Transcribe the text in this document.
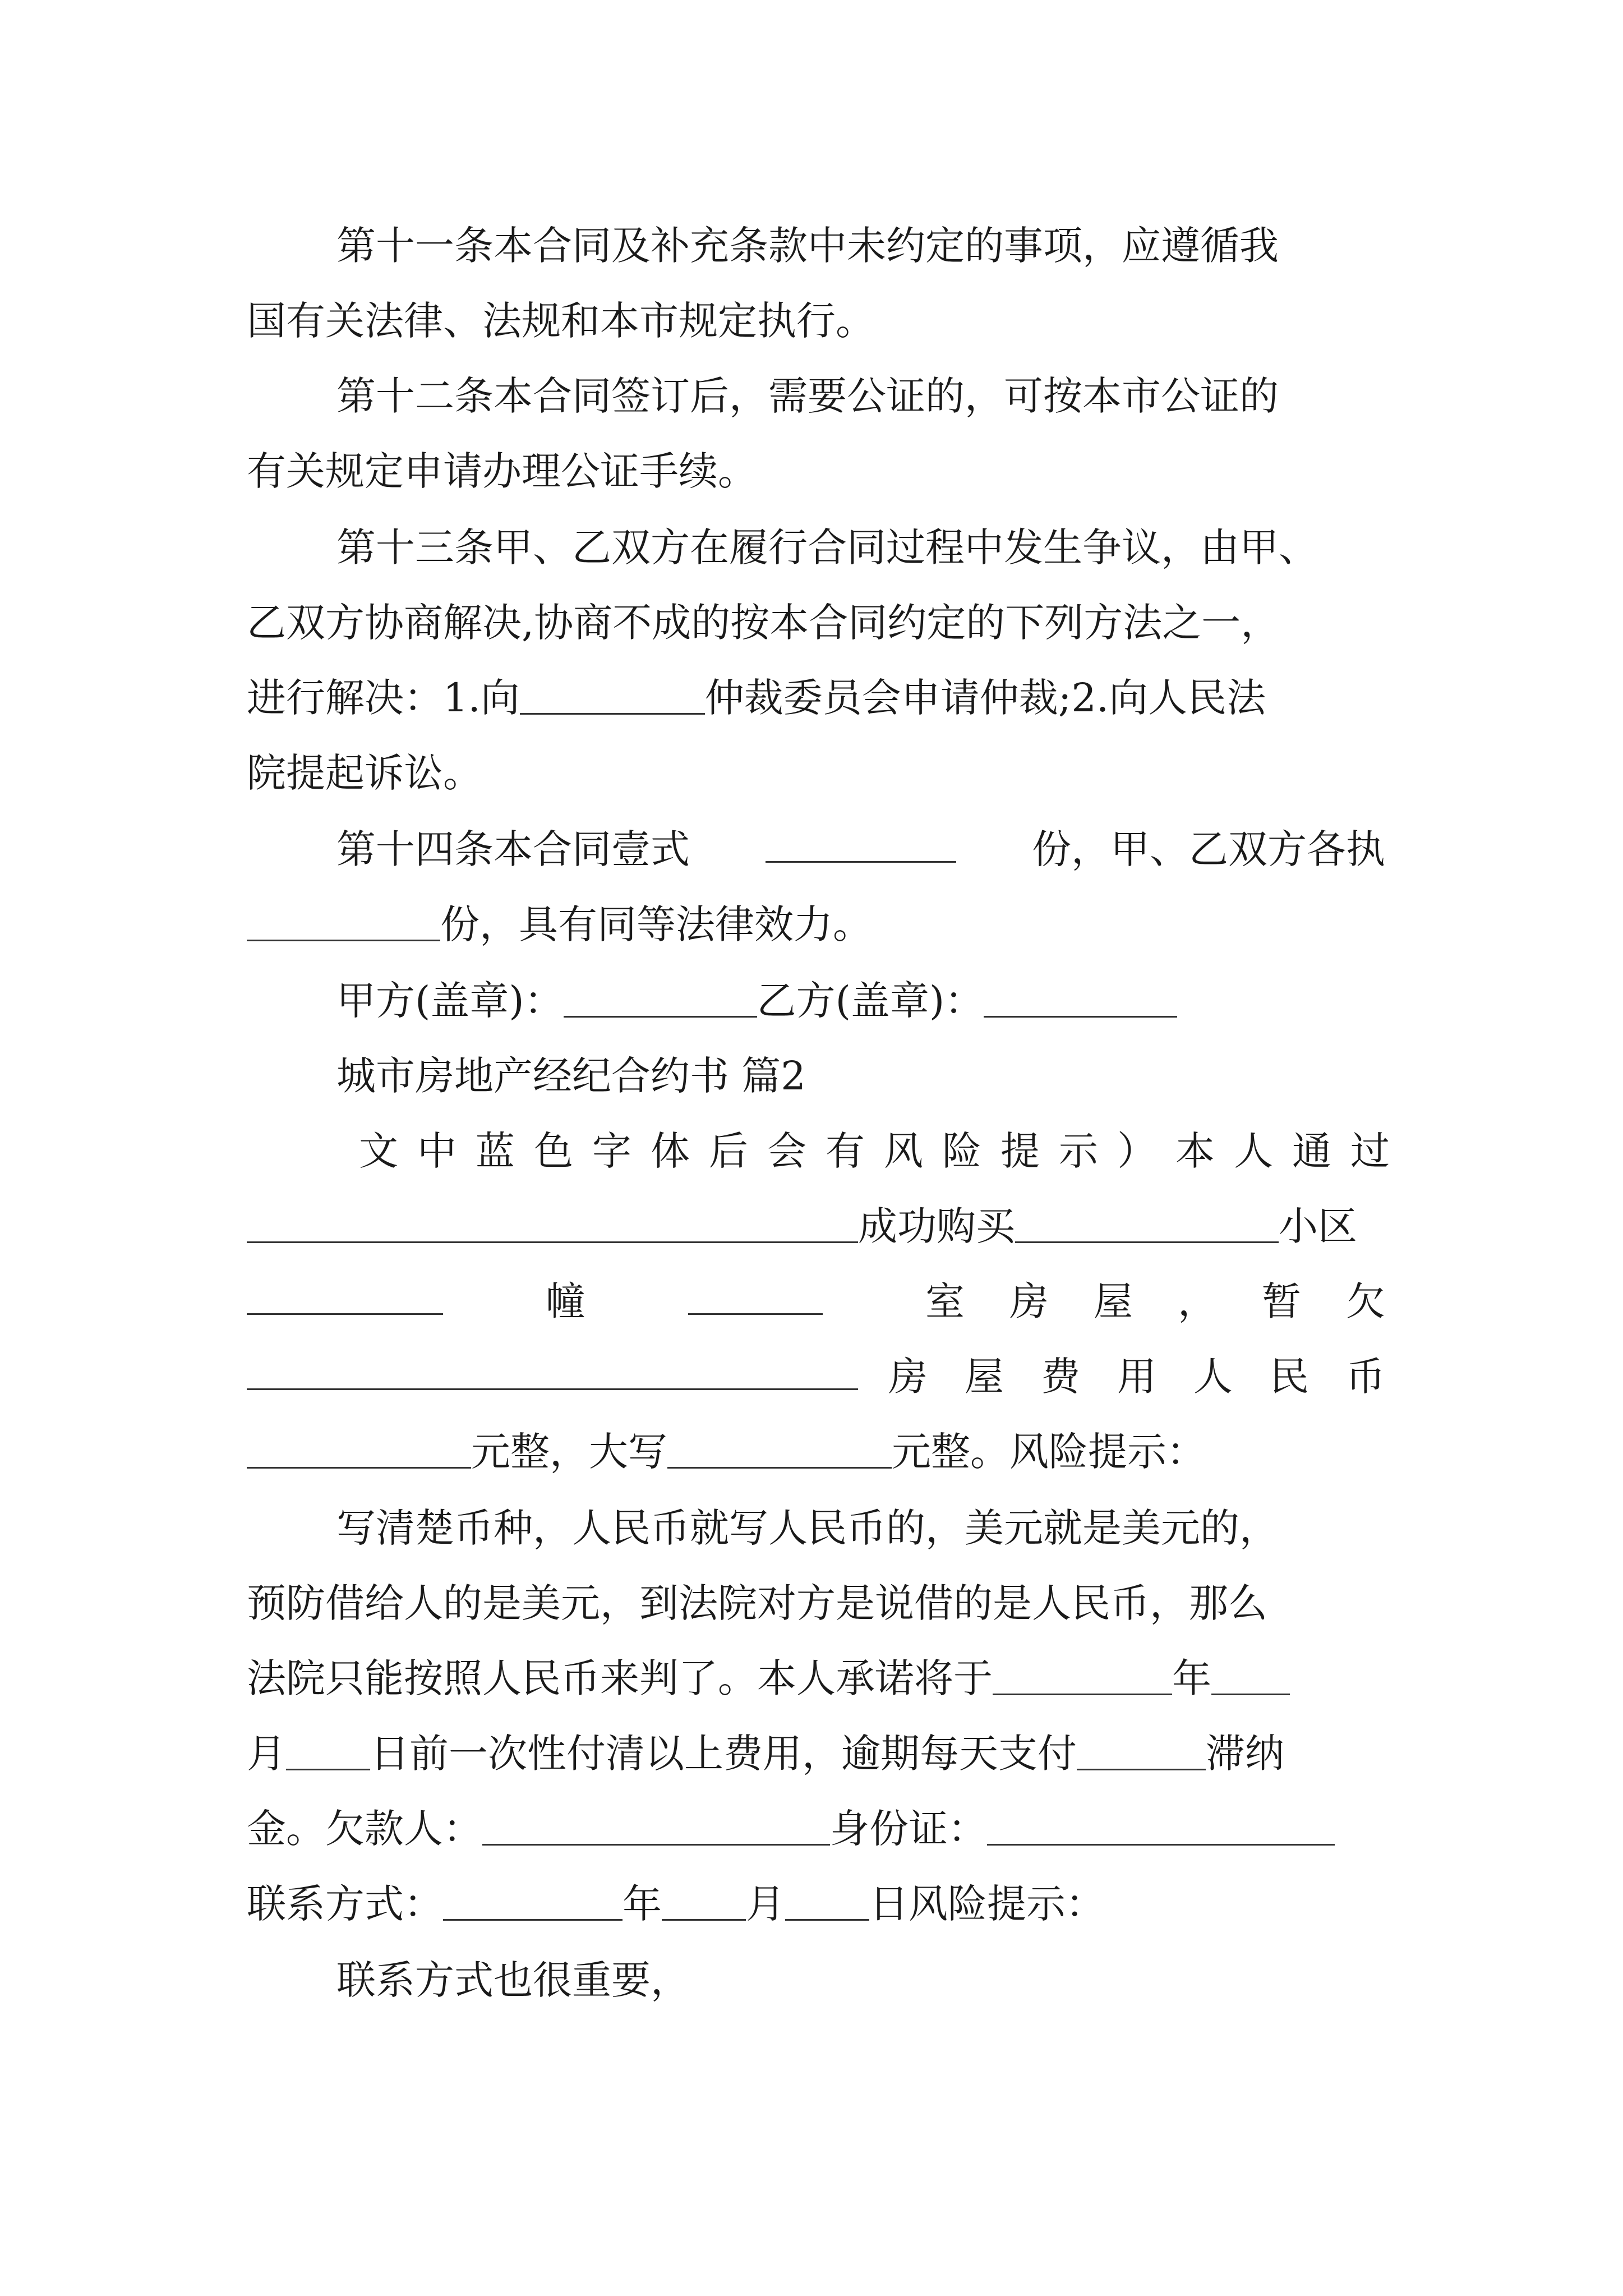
第十一条本合同及补充条款中未约定的事项，应遵循我
国有关法律、法规和本市规定执行。
第十二条本合同签订后，需要公证的，可按本市公证的
有关规定申请办理公证手续。
第十三条甲、乙双方在履行合同过程中发生争议，由甲、
乙双方协商解决,协商不成的按本合同约定的下列方法之一，
进行解决：1.向	仲裁委员会申请仲裁;2.向人民法
院提起诉讼。
第十四条本合同壹式	份，甲、乙双方各执
份，具有同等法律效力。
甲方(盖章)：	乙方(盖章)：
城市房地产经纪合约书 篇2
文中蓝色字体后会有风险提示）本人通过
成功购买	小区
幢	室房屋，暂欠
房屋费用人民币
元整，大写	元整。风险提示：
写清楚币种，人民币就写人民币的，美元就是美元的，
预防借给人的是美元，到法院对方是说借的是人民币，那么
法院只能按照人民币来判了。本人承诺将于	年
月 日前一次性付清以上费用，逾期每天支付	滞纳
金。欠款人：	身份证：
联系方式：	年 月 日风险提示：
联系方式也很重要，
